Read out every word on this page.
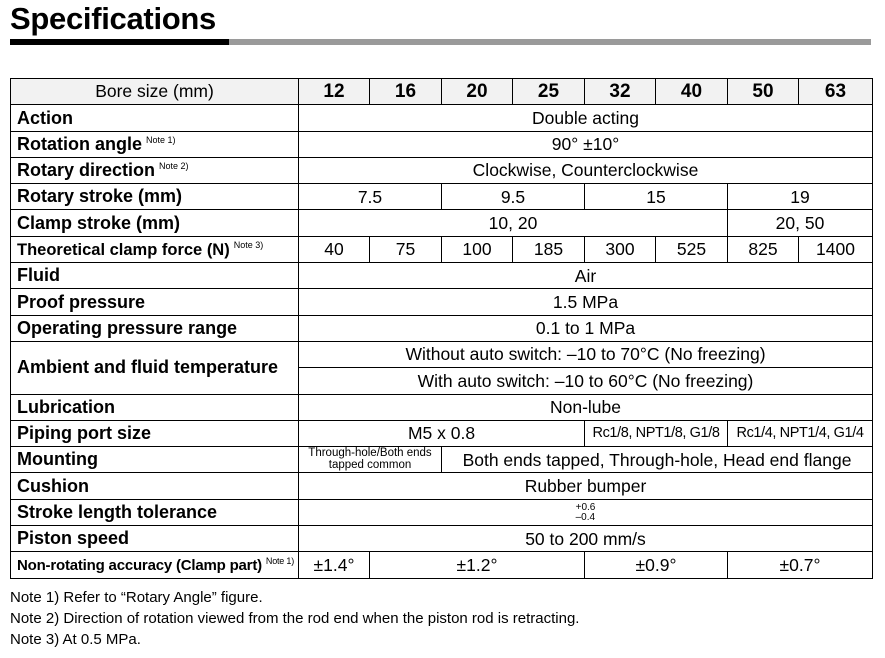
Specifications
Bore size (mm)	12	16	20	25	32	40	50	63
Action	Double acting							
Rotation angle $^{Note 1)}$	90° ±10°							
Rotary direction $^{Note 2)}$	Clockwise, Counterclockwise							
Rotary stroke (mm)	7.5		9.5		15		19	
Clamp stroke (mm)	10, 20						20, 50	
Theoretical clamp force (N) $^{Note 3)}$	40	75	100	185	300	525	825	1400
Fluid	Air							
Proof pressure	1.5 MPa							
Operating pressure range	0.1 to 1 MPa							
Ambient and fluid temperature	Without auto switch: –10 to 70°C (No freezing)							
	With auto switch: –10 to 60°C (No freezing)							
Lubrication	Non-lube							
Piping port size	M5 x 0.8				Rc1/8, NPT1/8, G1/8		Rc1/4, NPT1/4, G1/4	
Mounting	Through-hole/Both ends tapped common		Both ends tapped, Through-hole, Head end flange					
Cushion	Rubber bumper							
Stroke length tolerance	+0.6
–0.4							
Piston speed	50 to 200 mm/s							
Non-rotating accuracy (Clamp part) $^{Note 1)}$	±1.4°	±1.2°			±0.9°		±0.7°	
Note 1) Refer to “Rotary Angle” figure.
Note 2) Direction of rotation viewed from the rod end when the piston rod is retracting.
Note 3) At 0.5 MPa.
